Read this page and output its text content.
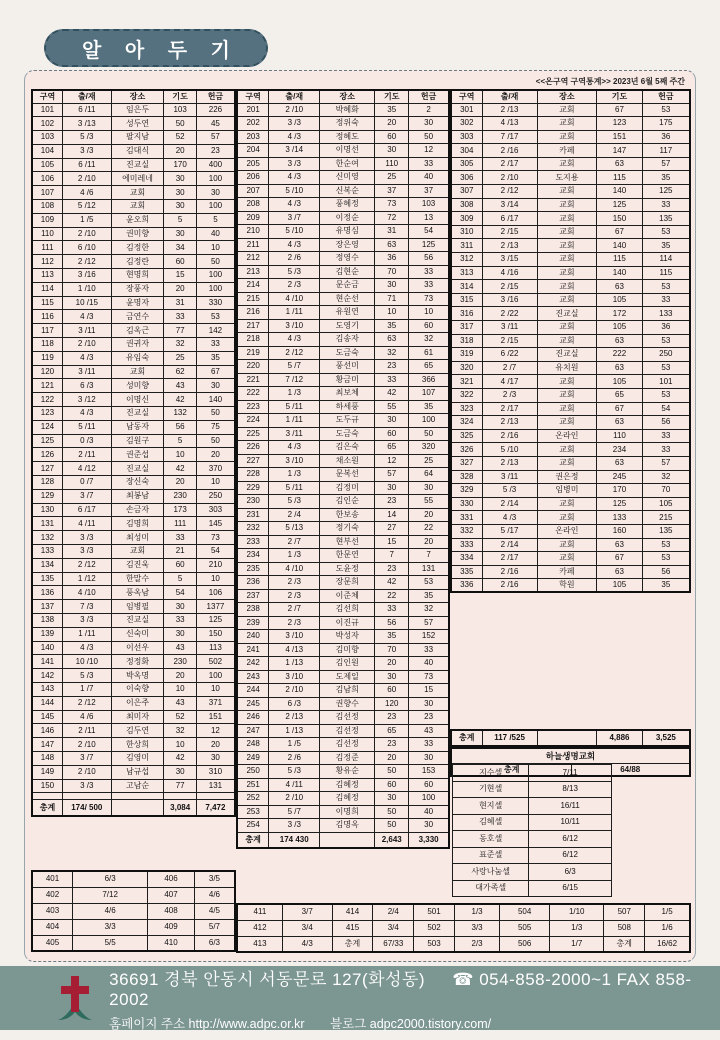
알 아 두 기
<<온구역 구역통계>> 2023년 6월 5째 주간
구역	출/재	장소	기도	헌금
101	6 /11	임은두	103	226
102	3 /13	성두연	50	45
103	5 /3	팔지남	52	57
104	3 /3	김대식	20	23
105	6 /11	진교실	170	400
106	2 /10	에미레네	30	100
107	4 /6	교회	30	30
108	5 /12	교회	30	100
109	1 /5	윤오희	5	5
110	2 /10	권미향	30	40
111	6 /10	김정한	34	10
112	2 /12	김정란	60	50
113	3 /16	현명희	15	100
114	1 /10	장풍자	20	100
115	10 /15	윤명자	31	330
116	4 /3	금연수	33	53
117	3 /11	김옥근	77	142
118	2 /10	권귀자	32	33
119	4 /3	유임숙	25	35
120	3 /11	교회	62	67
121	6 /3	성미향	43	30
122	3 /12	이명신	42	140
123	4 /3	진교실	132	50
124	5 /11	남동자	56	75
125	0 /3	김원구	5	50
126	2 /11	권준섭	10	20
127	4 /12	진교실	42	370
128	0 /7	장신숙	20	10
129	3 /7	최봉남	230	250
130	6 /17	손금자	173	303
131	4 /11	김명희	111	145
132	3 /3	최성미	33	73
133	3 /3	교회	21	54
134	2 /12	김진욱	60	210
135	1 /12	한말수	5	10
136	4 /10	풍옥남	54	106
137	7 /3	임병필	30	1377
138	3 /3	진교실	33	125
139	1 /11	신숙미	30	150
140	4 /3	이선우	43	113
141	10 /10	정정화	230	502
142	5 /3	박옥명	20	100
143	1 /7	이숙향	10	10
144	2 /12	이은주	43	371
145	4 /6	최미자	52	151
146	2 /11	김두연	32	12
147	2 /10	한상희	10	20
148	3 /7	김영미	42	30
149	2 /10	남규섭	30	310
150	3 /3	고남순	77	131

총계	174/ 500		3,084	7,472
401	6/3	406	3/5
402	7/12	407	4/6
403	4/6	408	4/5
404	3/3	409	5/7
405	5/5	410	6/3
구역	출/재	장소	기도	헌금
201	2 /10	박혜화	35	2
202	3 /3	정위숙	20	30
203	4 /3	정혜도	60	50
204	3 /14	이명선	30	12
205	3 /3	한순여	110	33
206	4 /3	신미영	25	40
207	5 /10	신복순	37	37
208	4 /3	풍혜정	73	103
209	3 /7	이정순	72	13
210	5 /10	유명심	31	54
211	4 /3	장은영	63	125
212	2 /6	정영수	36	56
213	5 /3	김현순	70	33
214	2 /3	문순금	30	33
215	4 /10	현순선	71	73
216	1 /11	유원연	10	10
217	3 /10	도영기	35	60
218	4 /3	김송자	63	32
219	2 /12	도금숙	32	61
220	5 /7	풍선미	23	65
221	7 /12	황금미	33	366
222	1 /3	최보체	42	107
223	5 /11	하세풍	55	35
224	1 /11	도두규	30	100
225	3 /11	도금숙	60	50
226	4 /3	김은숙	65	320
227	3 /10	채소원	12	25
228	1 /3	문복선	57	64
229	5 /11	김정미	30	30
230	5 /3	김인순	23	55
231	2 /4	한보송	14	20
232	5 /13	정기숙	27	22
233	2 /7	현부선	15	20
234	1 /3	한문연	7	7
235	4 /10	도윤정	23	131
236	2 /3	장문희	42	53
237	2 /3	이준체	22	35
238	2 /7	김선희	33	32
239	2 /3	이진규	56	57
240	3 /10	박성자	35	152
241	4 /13	김미향	70	33
242	1 /13	김인원	20	40
243	3 /10	도제일	30	73
244	2 /10	김남희	60	15
245	6 /3	권향수	120	30
246	2 /13	김선정	23	23
247	1 /13	김선정	65	43
248	1 /5	김선정	23	33
249	2 /6	김정준	20	30
250	5 /3	황유순	50	153
251	4 /11	김혜정	60	60
252	2 /10	김혜정	30	100
253	5 /7	이명희	50	40
254	3 /3	김명옥	50	30
총계	174 430		2,643	3,330
구역	출/재	장소	기도	헌금
301	2 /13	교회	67	53
302	4 /13	교회	123	175
303	7 /17	교회	151	36
304	2 /16	카페	147	117
305	2 /17	교회	63	57
306	2 /10	도지용	115	35
307	2 /12	교회	140	125
308	3 /14	교회	125	33
309	6 /17	교회	150	135
310	2 /15	교회	67	53
311	2 /13	교회	140	35
312	3 /15	교회	115	114
313	4 /16	교회	140	115
314	2 /15	교회	63	53
315	3 /16	교회	105	33
316	2 /22	진교실	172	133
317	3 /11	교회	105	36
318	2 /15	교회	63	53
319	6 /22	진교실	222	250
320	2 /7	유치원	63	53
321	4 /17	교회	105	101
322	2 /3	교회	65	53
323	2 /17	교회	67	54
324	2 /13	교회	63	56
325	2 /16	온라인	110	33
326	5 /10	교회	234	33
327	2 /13	교회	63	57
328	3 /11	권은정	245	32
329	5 /3	임병미	170	70
330	2 /14	교회	125	105
331	4 /3	교회	133	215
332	5 /17	온라인	160	135
333	2 /14	교회	63	53
334	2 /17	교회	67	53
335	2 /16	카페	63	56
336	2 /16	학원	105	35
총계	117 /525		4,886	3,525
하늘생명교회
지수셀	7/11
기현셀	8/13
현지셀	16/11
김혜셀	10/11
동호셀	6/12
표준셀	6/12
사랑나눔셀	6/3
대가족셀	6/15
총계	64/88
411	3/7	414	2/4	501	1/3	504	1/10	507	1/5
412	3/4	415	3/4	502	3/3	505	1/3	508	1/6
413	4/3	총계	67/33	503	2/3	506	1/7	총계	16/62
36691 경북 안동시 서동문로 127(화성동) ☎ 054-858-2000~1 FAX 858-2002
홈페이지 주소 http://www.adpc.or.kr 블로그 adpc2000.tistory.com/
